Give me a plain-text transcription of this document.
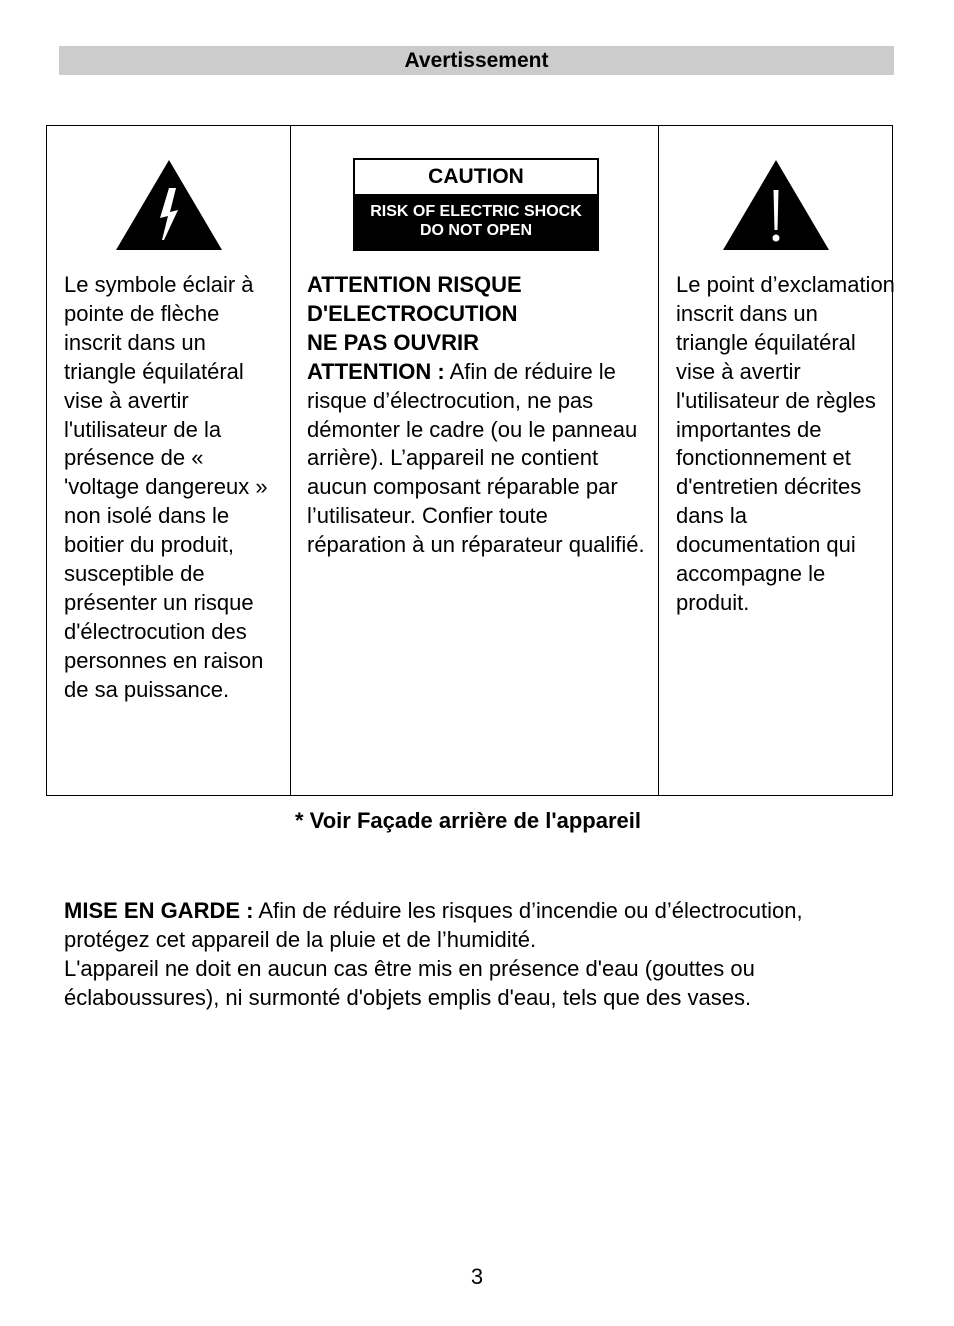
Avertissement
Le symbole éclair à pointe de flèche inscrit dans un triangle équilatéral vise à avertir l'utilisateur de la présence de « 'voltage dangereux » non isolé dans le boitier du produit, susceptible de présenter un risque d'électrocution des personnes en raison de sa puissance.
CAUTION
RISK OF ELECTRIC SHOCK
DO NOT OPEN
ATTENTION RISQUE D'ELECTROCUTION
NE PAS OUVRIR
ATTENTION : Afin de réduire le risque d’électrocution, ne pas démonter le cadre (ou le panneau arrière). L’appareil ne contient aucun composant réparable par l’utilisateur. Confier toute réparation à un réparateur qualifié.
Le point d’exclamation inscrit dans un triangle équilatéral vise à avertir l'utilisateur de règles importantes de fonctionnement et d'entretien décrites dans la documentation qui accompagne le produit.
* Voir Façade arrière de l'appareil
MISE EN GARDE : Afin de réduire les risques d’incendie ou d’électrocution, protégez cet appareil de la pluie et de l’humidité.
L'appareil ne doit en aucun cas être mis en présence d'eau (gouttes ou éclaboussures), ni surmonté d'objets emplis d'eau, tels que des vases.
3
